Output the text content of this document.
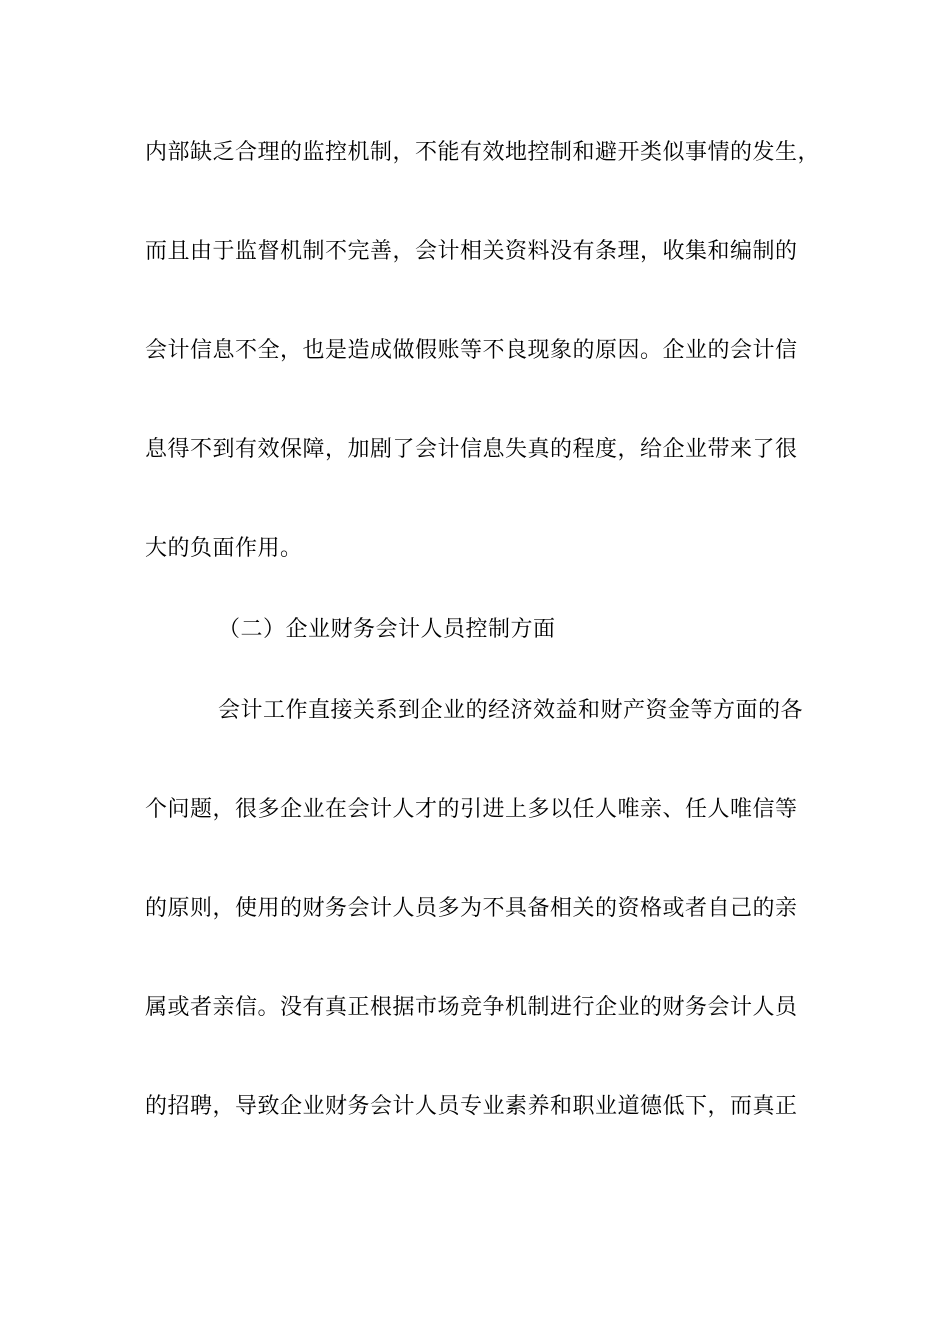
内部缺乏合理的监控机制，不能有效地控制和避开类似事情的发生，
而且由于监督机制不完善，会计相关资料没有条理，收集和编制的
会计信息不全，也是造成做假账等不良现象的原因。企业的会计信
息得不到有效保障，加剧了会计信息失真的程度，给企业带来了很
大的负面作用。
（二）企业财务会计人员控制方面
会计工作直接关系到企业的经济效益和财产资金等方面的各
个问题，很多企业在会计人才的引进上多以任人唯亲、任人唯信等
的原则，使用的财务会计人员多为不具备相关的资格或者自己的亲
属或者亲信。没有真正根据市场竞争机制进行企业的财务会计人员
的招聘，导致企业财务会计人员专业素养和职业道德低下，而真正
